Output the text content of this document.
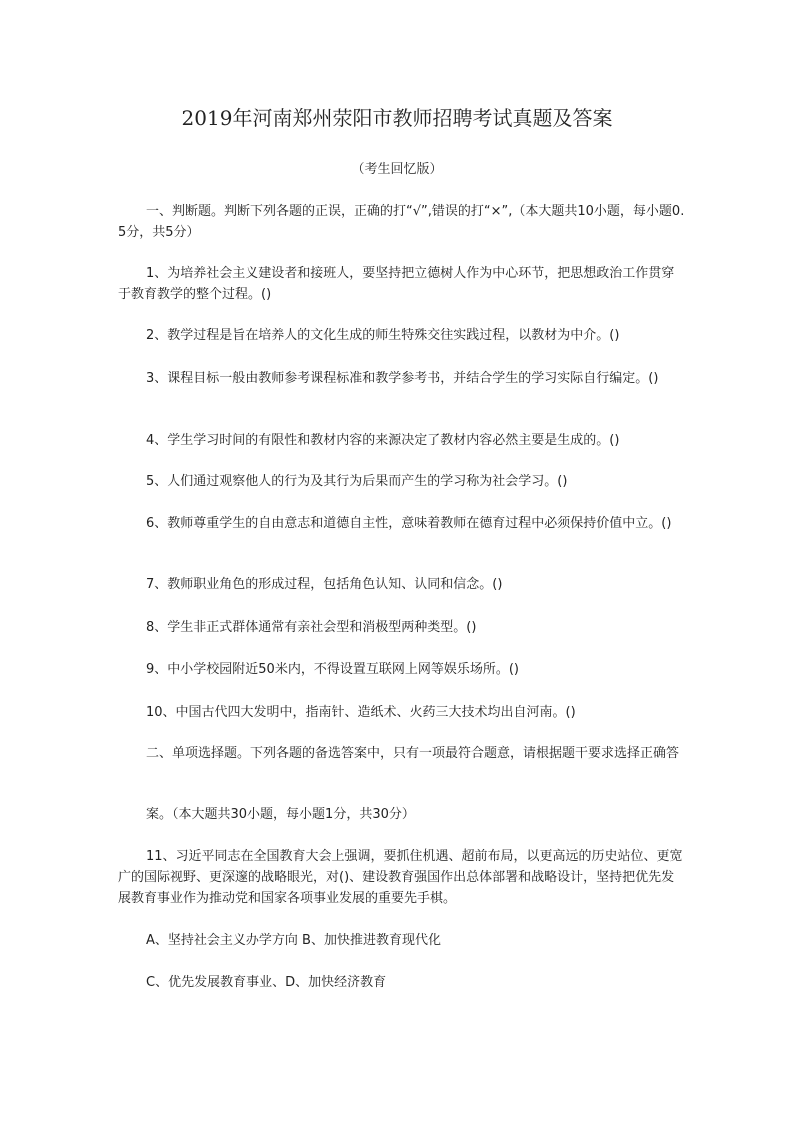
2019年河南郑州荥阳市教师招聘考试真题及答案
（考生回忆版）
一、判断题。判断下列各题的正误，正确的打“√”,错误的打“×”,（本大题共10小题，每小题0.5分，共5分）
1、为培养社会主义建设者和接班人，要坚持把立德树人作为中心环节，把思想政治工作贯穿于教育教学的整个过程。()
2、教学过程是旨在培养人的文化生成的师生特殊交往实践过程，以教材为中介。()
3、课程目标一般由教师参考课程标准和教学参考书，并结合学生的学习实际自行编定。()
4、学生学习时间的有限性和教材内容的来源决定了教材内容必然主要是生成的。()
5、人们通过观察他人的行为及其行为后果而产生的学习称为社会学习。()
6、教师尊重学生的自由意志和道德自主性，意味着教师在德育过程中必须保持价值中立。()
7、教师职业角色的形成过程，包括角色认知、认同和信念。()
8、学生非正式群体通常有亲社会型和消极型两种类型。()
9、中小学校园附近50米内，不得设置互联网上网等娱乐场所。()
10、中国古代四大发明中，指南针、造纸术、火药三大技术均出自河南。()
二、单项选择题。下列各题的备选答案中，只有一项最符合题意，请根据题干要求选择正确答
案。（本大题共30小题，每小题1分，共30分）
11、习近平同志在全国教育大会上强调，要抓住机遇、超前布局，以更高远的历史站位、更宽广的国际视野、更深邃的战略眼光，对()、建设教育强国作出总体部署和战略设计，坚持把优先发展教育事业作为推动党和国家各项事业发展的重要先手棋。
A、坚持社会主义办学方向 B、加快推进教育现代化
C、优先发展教育事业、D、加快经济教育
